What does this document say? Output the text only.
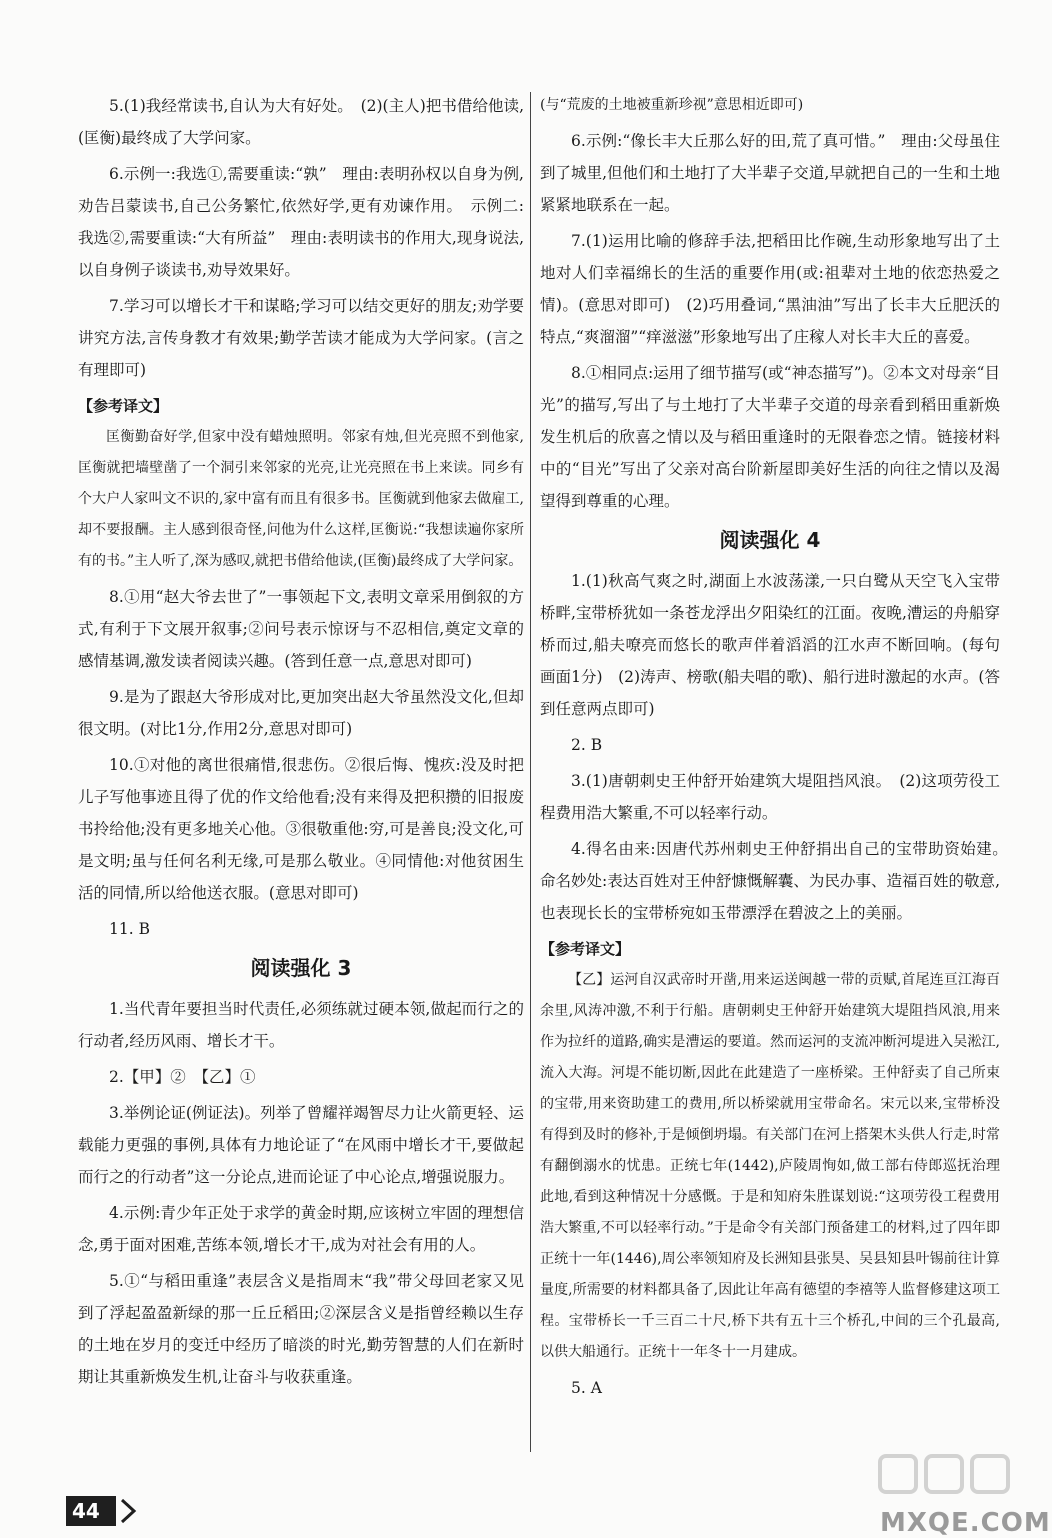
5.(1)我经常读书,自认为大有好处。　(2)(主人)把书借给他读,(匡衡)最终成了大学问家。

6.示例一:我选①,需要重读:“孰”　理由:表明孙权以自身为例,劝告吕蒙读书,自己公务繁忙,依然好学,更有劝谏作用。　示例二:我选②,需要重读:“大有所益”　理由:表明读书的作用大,现身说法,以自身例子谈读书,劝导效果好。

7.学习可以增长才干和谋略;学习可以结交更好的朋友;劝学要讲究方法,言传身教才有效果;勤学苦读才能成为大学问家。(言之有理即可)

【参考译文】

匡衡勤奋好学,但家中没有蜡烛照明。邻家有烛,但光亮照不到他家,匡衡就把墙壁凿了一个洞引来邻家的光亮,让光亮照在书上来读。同乡有个大户人家叫文不识的,家中富有而且有很多书。匡衡就到他家去做雇工,却不要报酬。主人感到很奇怪,问他为什么这样,匡衡说:“我想读遍你家所有的书。”主人听了,深为感叹,就把书借给他读,(匡衡)最终成了大学问家。

8.①用“赵大爷去世了”一事领起下文,表明文章采用倒叙的方式,有利于下文展开叙事;②问号表示惊讶与不忍相信,奠定文章的感情基调,激发读者阅读兴趣。(答到任意一点,意思对即可)

9.是为了跟赵大爷形成对比,更加突出赵大爷虽然没文化,但却很文明。(对比1分,作用2分,意思对即可)

10.①对他的离世很痛惜,很悲伤。②很后悔、愧疚:没及时把儿子写他事迹且得了优的作文给他看;没有来得及把积攒的旧报废书拎给他;没有更多地关心他。③很敬重他:穷,可是善良;没文化,可是文明;虽与任何名利无缘,可是那么敬业。④同情他:对他贫困生活的同情,所以给他送衣服。(意思对即可)

11. B

阅读强化 3

1.当代青年要担当时代责任,必须练就过硬本领,做起而行之的行动者,经历风雨、增长才干。

2.【甲】②　【乙】①

3.举例论证(例证法)。列举了曾耀祥竭智尽力让火箭更轻、运载能力更强的事例,具体有力地论证了“在风雨中增长才干,要做起而行之的行动者”这一分论点,进而论证了中心论点,增强说服力。

4.示例:青少年正处于求学的黄金时期,应该树立牢固的理想信念,勇于面对困难,苦练本领,增长才干,成为对社会有用的人。

5.①“与稻田重逢”表层含义是指周末“我”带父母回老家又见到了浮起盈盈新绿的那一丘丘稻田;②深层含义是指曾经赖以生存的土地在岁月的变迁中经历了暗淡的时光,勤劳智慧的人们在新时期让其重新焕发生机,让奋斗与收获重逢。

(与“荒废的土地被重新珍视”意思相近即可)

6.示例:“像长丰大丘那么好的田,荒了真可惜。”　理由:父母虽住到了城里,但他们和土地打了大半辈子交道,早就把自己的一生和土地紧紧地联系在一起。

7.(1)运用比喻的修辞手法,把稻田比作碗,生动形象地写出了土地对人们幸福绵长的生活的重要作用(或:祖辈对土地的依恋热爱之情)。(意思对即可)　(2)巧用叠词,“黑油油”写出了长丰大丘肥沃的特点,“爽溜溜”“痒滋滋”形象地写出了庄稼人对长丰大丘的喜爱。

8.①相同点:运用了细节描写(或“神态描写”)。②本文对母亲“目光”的描写,写出了与土地打了大半辈子交道的母亲看到稻田重新焕发生机后的欣喜之情以及与稻田重逢时的无限眷恋之情。链接材料中的“目光”写出了父亲对高台阶新屋即美好生活的向往之情以及渴望得到尊重的心理。

阅读强化 4

1.(1)秋高气爽之时,湖面上水波荡漾,一只白鹭从天空飞入宝带桥畔,宝带桥犹如一条苍龙浮出夕阳染红的江面。夜晚,漕运的舟船穿桥而过,船夫嘹亮而悠长的歌声伴着滔滔的江水声不断回响。(每句画面1分)　(2)涛声、榜歌(船夫唱的歌)、船行进时激起的水声。(答到任意两点即可)

2. B

3.(1)唐朝刺史王仲舒开始建筑大堤阻挡风浪。　(2)这项劳役工程费用浩大繁重,不可以轻率行动。

4.得名由来:因唐代苏州刺史王仲舒捐出自己的宝带助资始建。　命名妙处:表达百姓对王仲舒慷慨解囊、为民办事、造福百姓的敬意,也表现长长的宝带桥宛如玉带漂浮在碧波之上的美丽。

【参考译文】

【乙】运河自汉武帝时开凿,用来运送闽越一带的贡赋,首尾连亘江海百余里,风涛冲激,不利于行船。唐朝刺史王仲舒开始建筑大堤阻挡风浪,用来作为拉纤的道路,确实是漕运的要道。然而运河的支流冲断河堤进入吴淞江,流入大海。河堤不能切断,因此在此建造了一座桥梁。王仲舒卖了自己所束的宝带,用来资助建工的费用,所以桥梁就用宝带命名。宋元以来,宝带桥没有得到及时的修补,于是倾倒坍塌。有关部门在河上搭架木头供人行走,时常有翻倒溺水的忧患。正统七年(1442),庐陵周恂如,做工部右侍郎巡抚治理此地,看到这种情况十分感慨。于是和知府朱胜谋划说:“这项劳役工程费用浩大繁重,不可以轻率行动。”于是命令有关部门预备建工的材料,过了四年即正统十一年(1446),周公率领知府及长洲知县张昊、吴县知县叶锡前往计算量度,所需要的材料都具备了,因此让年高有德望的李禧等人监督修建这项工程。宝带桥长一千三百二十尺,桥下共有五十三个桥孔,中间的三个孔最高,以供大船通行。正统十一年冬十一月建成。

5. A

44	MXQE.COM
